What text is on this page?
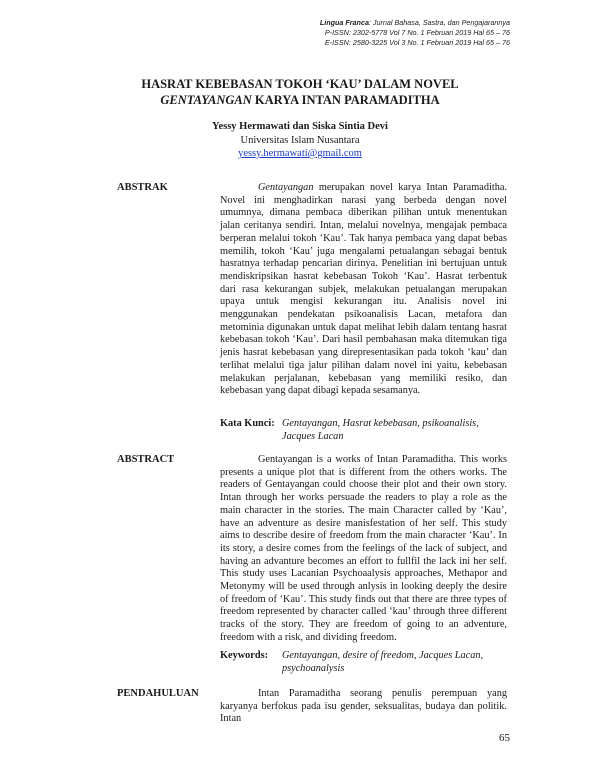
Lingua Franca: Jurnal Bahasa, Sastra, dan Pengajarannya
P-ISSN: 2302-5778 Vol 7 No. 1 Februari 2019 Hal 65 – 76
E-ISSN: 2580-3225 Vol 3 No. 1 Februari 2019 Hal 65 – 76
HASRAT KEBEBASAN TOKOH ‘KAU’ DALAM NOVEL
GENTAYANGAN KARYA INTAN PARAMADITHA
Yessy Hermawati dan Siska Sintia Devi
Universitas Islam Nusantara
yessy.hermawati@gmail.com
ABSTRAK	Gentayangan merupakan novel karya Intan Paramaditha. Novel ini menghadirkan narasi yang berbeda dengan novel umumnya, dimana pembaca diberikan pilihan untuk menentukan jalan ceritanya sendiri. Intan, melalui novelnya, mengajak pembaca berperan melalui tokoh ‘Kau’. Tak hanya pembaca yang dapat bebas memilih, tokoh ‘Kau’ juga mengalami petualangan sebagai bentuk hasratnya terhadap pencarian dirinya. Penelitian ini bertujuan untuk mendiskripsikan hasrat kebebasan Tokoh ‘Kau’. Hasrat terbentuk dari rasa kekurangan subjek, melakukan petualangan merupakan upaya untuk mengisi kekurangan itu. Analisis novel ini menggunakan pendekatan psikoanalisis Lacan, metafora dan metominia digunakan untuk dapat melihat lebih dalam tentang hasrat kebebasan tokoh ‘Kau’. Dari hasil pembahasan maka ditemukan tiga jenis hasrat kebebasan yang direpresentasikan pada tokoh ‘kau’ dan terlihat melalui tiga jalur pilihan dalam novel ini yaitu, kebebasan melakukan perjalanan, kebebasan yang memiliki resiko, dan kebebasan yang dapat dibagi kepada sesamanya.
Kata Kunci: Gentayangan, Hasrat kebebasan, psikoanalisis,
Jacques Lacan
ABSTRACT	Gentayangan is a works of Intan Paramaditha. This works presents a unique plot that is different from the others works. The readers of Gentayangan could choose their plot and their own story. Intan through her works persuade the readers to play a role as the main character in the stories. The main Character called by ‘Kau’, have an adventure as desire manisfestation of her self. This study aims to describe desire of freedom from the main character ‘Kau’. In its story, a desire comes from the feelings of the lack of subject, and having an advanture becomes an effort to fullfil the lack ini her self. This study uses Lacanian Psychoaalysis approaches, Methapor and Metonymy will be used through anlysis in looking deeply the desire of freedom of ‘Kau’. This study finds out that there are three types of freedom represented by character called ‘kau’ through three different tracks of the story. They are freedom of going to an adventure, freedom with a risk, and dividing freedom.
Keywords: Gentayangan, desire of freedom, Jacques Lacan,
psychoanalysis
PENDAHULUAN	Intan Paramaditha seorang penulis perempuan yang karyanya berfokus pada isu gender, seksualitas, budaya dan politik. Intan
65
